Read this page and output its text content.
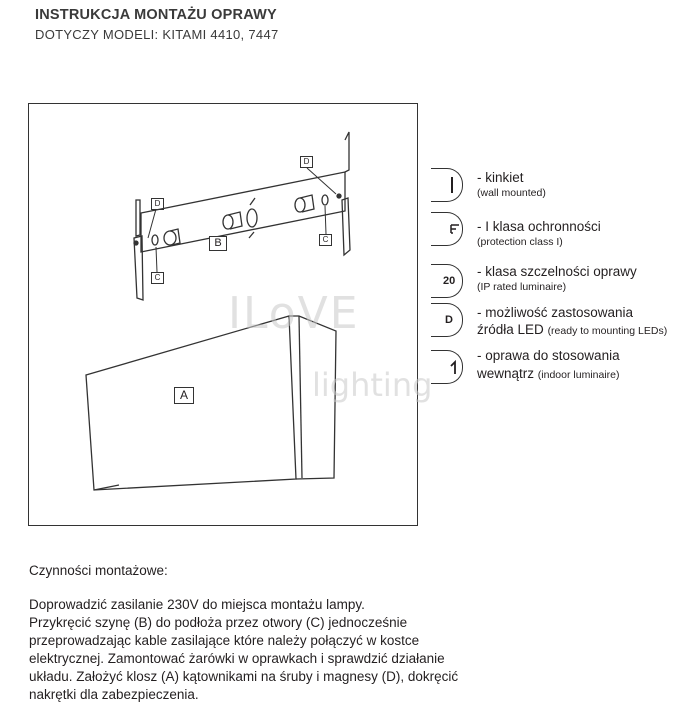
INSTRUKCJA MONTAŻU OPRAWY
DOTYCZY MODELI: KITAMI 4410, 7447
D
D
C
C
B
A
ILoVE
lighting
- kinkiet
(wall mounted)
- I klasa ochronności
(protection class I)
20
- klasa szczelności oprawy
(IP rated luminaire)
D - możliwość zastosowania
źródła LED (ready to mounting LEDs)
- oprawa do stosowania
wewnątrz (indoor luminaire)
Czynności montażowe:
Doprowadzić zasilanie 230V do miejsca montażu lampy.
Przykręcić szynę (B) do podłoża przez otwory (C) jednocześnie
przeprowadzając kable zasilające które należy połączyć w kostce
elektrycznej. Zamontować żarówki w oprawkach i sprawdzić działanie
układu. Założyć klosz (A) kątownikami na śruby i magnesy (D), dokręcić
nakrętki dla zabezpieczenia.
